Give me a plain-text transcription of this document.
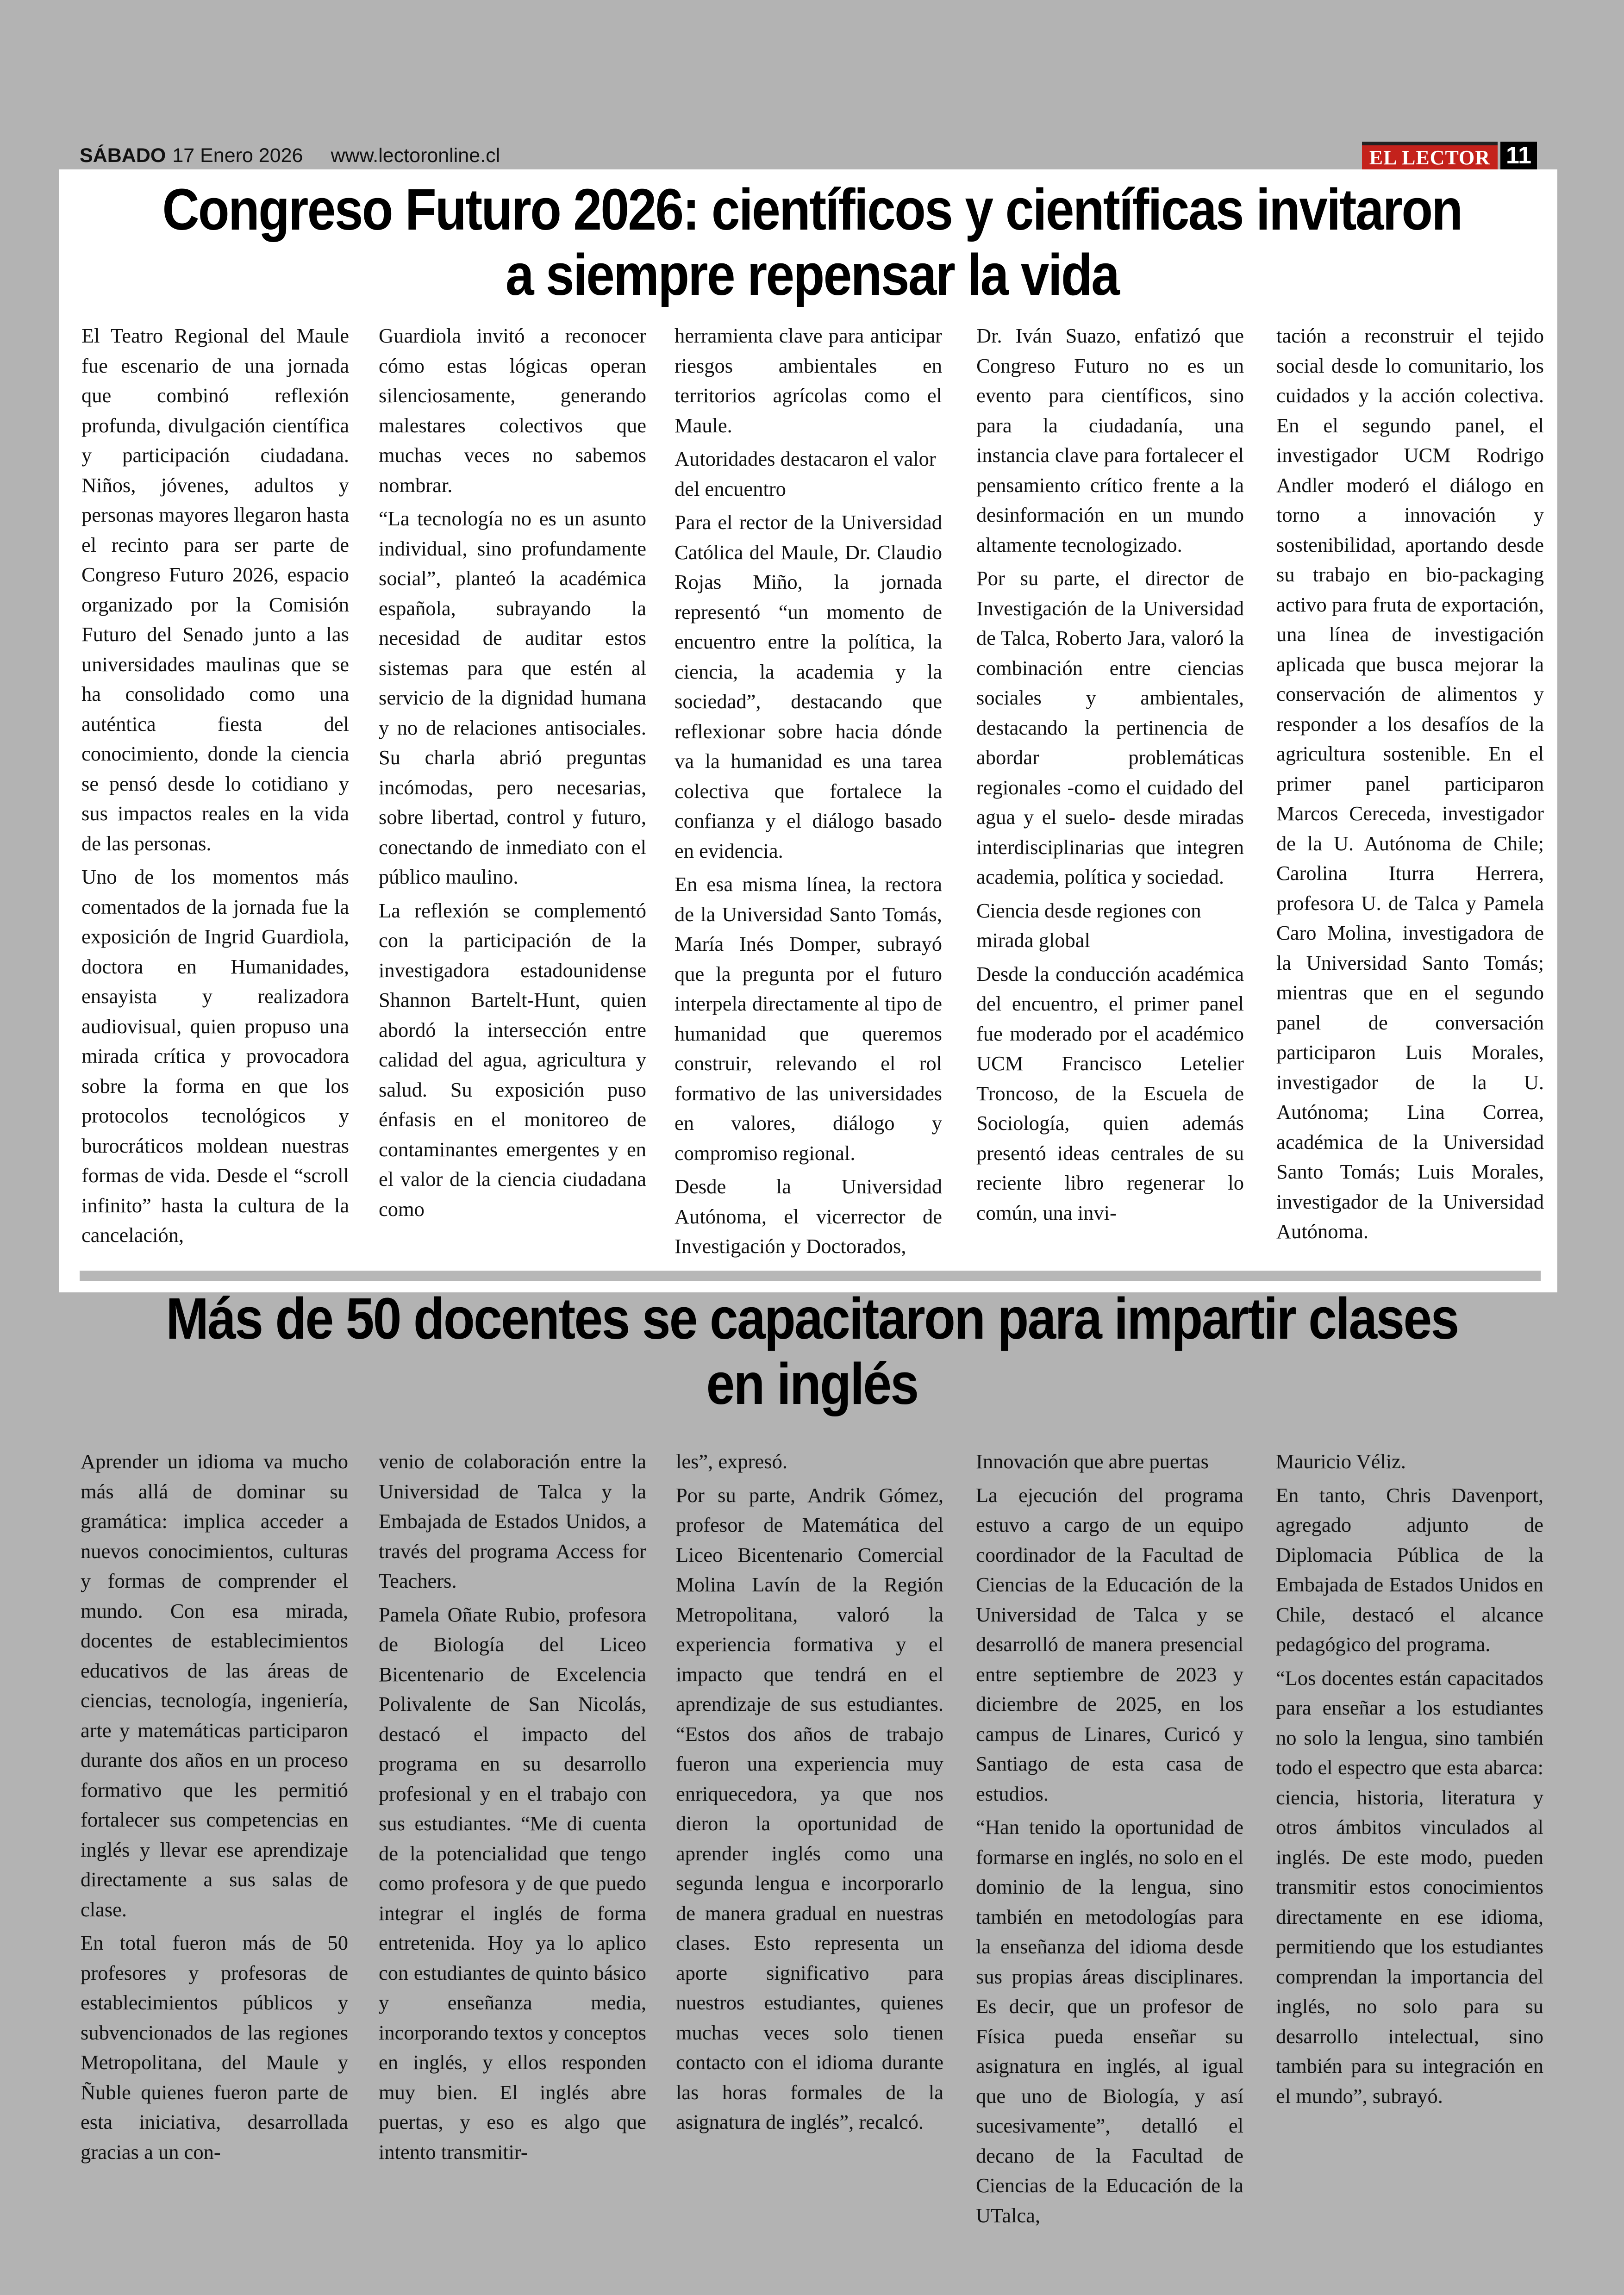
SÁBADO 17 Enero 2026 www.lectoronline.cl	EL LECTOR 11
Congreso Futuro 2026: científicos y científicas invitaron a siempre repensar la vida

El Teatro Regional del Maule fue escenario de una jornada que combinó reflexión profunda, divulgación científica y participación ciudadana. Niños, jóvenes, adultos y personas mayores llegaron hasta el recinto para ser parte de Congreso Futuro 2026, espacio organizado por la Comisión Futuro del Senado junto a las universidades maulinas que se ha consolidado como una auténtica fiesta del conocimiento, donde la ciencia se pensó desde lo cotidiano y sus impactos reales en la vida de las personas.

Uno de los momentos más comentados de la jornada fue la exposición de Ingrid Guardiola, doctora en Humanidades, ensayista y realizadora audiovisual, quien propuso una mirada crítica y provocadora sobre la forma en que los protocolos tecnológicos y burocráticos moldean nuestras formas de vida. Desde el “scroll infinito” hasta la cultura de la cancelación,

Guardiola invitó a reconocer cómo estas lógicas operan silenciosamente, generando malestares colectivos que muchas veces no sabemos nombrar.

“La tecnología no es un asunto individual, sino profundamente social”, planteó la académica española, subrayando la necesidad de auditar estos sistemas para que estén al servicio de la dignidad humana y no de relaciones antisociales. Su charla abrió preguntas incómodas, pero necesarias, sobre libertad, control y futuro, conectando de inmediato con el público maulino.

La reflexión se complementó con la participación de la investigadora estadounidense Shannon Bartelt-Hunt, quien abordó la intersección entre calidad del agua, agricultura y salud. Su exposición puso énfasis en el monitoreo de contaminantes emergentes y en el valor de la ciencia ciudadana como

herramienta clave para anticipar riesgos ambientales en territorios agrícolas como el Maule.

Autoridades destacaron el valor del encuentro

Para el rector de la Universidad Católica del Maule, Dr. Claudio Rojas Miño, la jornada representó “un momento de encuentro entre la política, la ciencia, la academia y la sociedad”, destacando que reflexionar sobre hacia dónde va la humanidad es una tarea colectiva que fortalece la confianza y el diálogo basado en evidencia.

En esa misma línea, la rectora de la Universidad Santo Tomás, María Inés Domper, subrayó que la pregunta por el futuro interpela directamente al tipo de humanidad que queremos construir, relevando el rol formativo de las universidades en valores, diálogo y compromiso regional.

Desde la Universidad Autónoma, el vicerrector de Investigación y Doctorados,

Dr. Iván Suazo, enfatizó que Congreso Futuro no es un evento para científicos, sino para la ciudadanía, una instancia clave para fortalecer el pensamiento crítico frente a la desinformación en un mundo altamente tecnologizado.

Por su parte, el director de Investigación de la Universidad de Talca, Roberto Jara, valoró la combinación entre ciencias sociales y ambientales, destacando la pertinencia de abordar problemáticas regionales -como el cuidado del agua y el suelo- desde miradas interdisciplinarias que integren academia, política y sociedad.

Ciencia desde regiones con mirada global

Desde la conducción académica del encuentro, el primer panel fue moderado por el académico UCM Francisco Letelier Troncoso, de la Escuela de Sociología, quien además presentó ideas centrales de su reciente libro regenerar lo común, una invi-

tación a reconstruir el tejido social desde lo comunitario, los cuidados y la acción colectiva. En el segundo panel, el investigador UCM Rodrigo Andler moderó el diálogo en torno a innovación y sostenibilidad, aportando desde su trabajo en bio-packaging activo para fruta de exportación, una línea de investigación aplicada que busca mejorar la conservación de alimentos y responder a los desafíos de la agricultura sostenible. En el primer panel participaron Marcos Cereceda, investigador de la U. Autónoma de Chile; Carolina Iturra Herrera, profesora U. de Talca y Pamela Caro Molina, investigadora de la Universidad Santo Tomás; mientras que en el segundo panel de conversación participaron Luis Morales, investigador de la U. Autónoma; Lina Correa, académica de la Universidad Santo Tomás; Luis Morales, investigador de la Universidad Autónoma.

Más de 50 docentes se capacitaron para impartir clases en inglés

Aprender un idioma va mucho más allá de dominar su gramática: implica acceder a nuevos conocimientos, culturas y formas de comprender el mundo. Con esa mirada, docentes de establecimientos educativos de las áreas de ciencias, tecnología, ingeniería, arte y matemáticas participaron durante dos años en un proceso formativo que les permitió fortalecer sus competencias en inglés y llevar ese aprendizaje directamente a sus salas de clase.

En total fueron más de 50 profesores y profesoras de establecimientos públicos y subvencionados de las regiones Metropolitana, del Maule y Ñuble quienes fueron parte de esta iniciativa, desarrollada gracias a un con-

venio de colaboración entre la Universidad de Talca y la Embajada de Estados Unidos, a través del programa Access for Teachers.

Pamela Oñate Rubio, profesora de Biología del Liceo Bicentenario de Excelencia Polivalente de San Nicolás, destacó el impacto del programa en su desarrollo profesional y en el trabajo con sus estudiantes. “Me di cuenta de la potencialidad que tengo como profesora y de que puedo integrar el inglés de forma entretenida. Hoy ya lo aplico con estudiantes de quinto básico y enseñanza media, incorporando textos y conceptos en inglés, y ellos responden muy bien. El inglés abre puertas, y eso es algo que intento transmitir-

les”, expresó.

Por su parte, Andrik Gómez, profesor de Matemática del Liceo Bicentenario Comercial Molina Lavín de la Región Metropolitana, valoró la experiencia formativa y el impacto que tendrá en el aprendizaje de sus estudiantes. “Estos dos años de trabajo fueron una experiencia muy enriquecedora, ya que nos dieron la oportunidad de aprender inglés como una segunda lengua e incorporarlo de manera gradual en nuestras clases. Esto representa un aporte significativo para nuestros estudiantes, quienes muchas veces solo tienen contacto con el idioma durante las horas formales de la asignatura de inglés”, recalcó.

Innovación que abre puertas

La ejecución del programa estuvo a cargo de un equipo coordinador de la Facultad de Ciencias de la Educación de la Universidad de Talca y se desarrolló de manera presencial entre septiembre de 2023 y diciembre de 2025, en los campus de Linares, Curicó y Santiago de esta casa de estudios.

“Han tenido la oportunidad de formarse en inglés, no solo en el dominio de la lengua, sino también en metodologías para la enseñanza del idioma desde sus propias áreas disciplinares. Es decir, que un profesor de Física pueda enseñar su asignatura en inglés, al igual que uno de Biología, y así sucesivamente”, detalló el decano de la Facultad de Ciencias de la Educación de la UTalca,

Mauricio Véliz.

En tanto, Chris Davenport, agregado adjunto de Diplomacia Pública de la Embajada de Estados Unidos en Chile, destacó el alcance pedagógico del programa.

“Los docentes están capacitados para enseñar a los estudiantes no solo la lengua, sino también todo el espectro que esta abarca: ciencia, historia, literatura y otros ámbitos vinculados al inglés. De este modo, pueden transmitir estos conocimientos directamente en ese idioma, permitiendo que los estudiantes comprendan la importancia del inglés, no solo para su desarrollo intelectual, sino también para su integración en el mundo”, subrayó.
